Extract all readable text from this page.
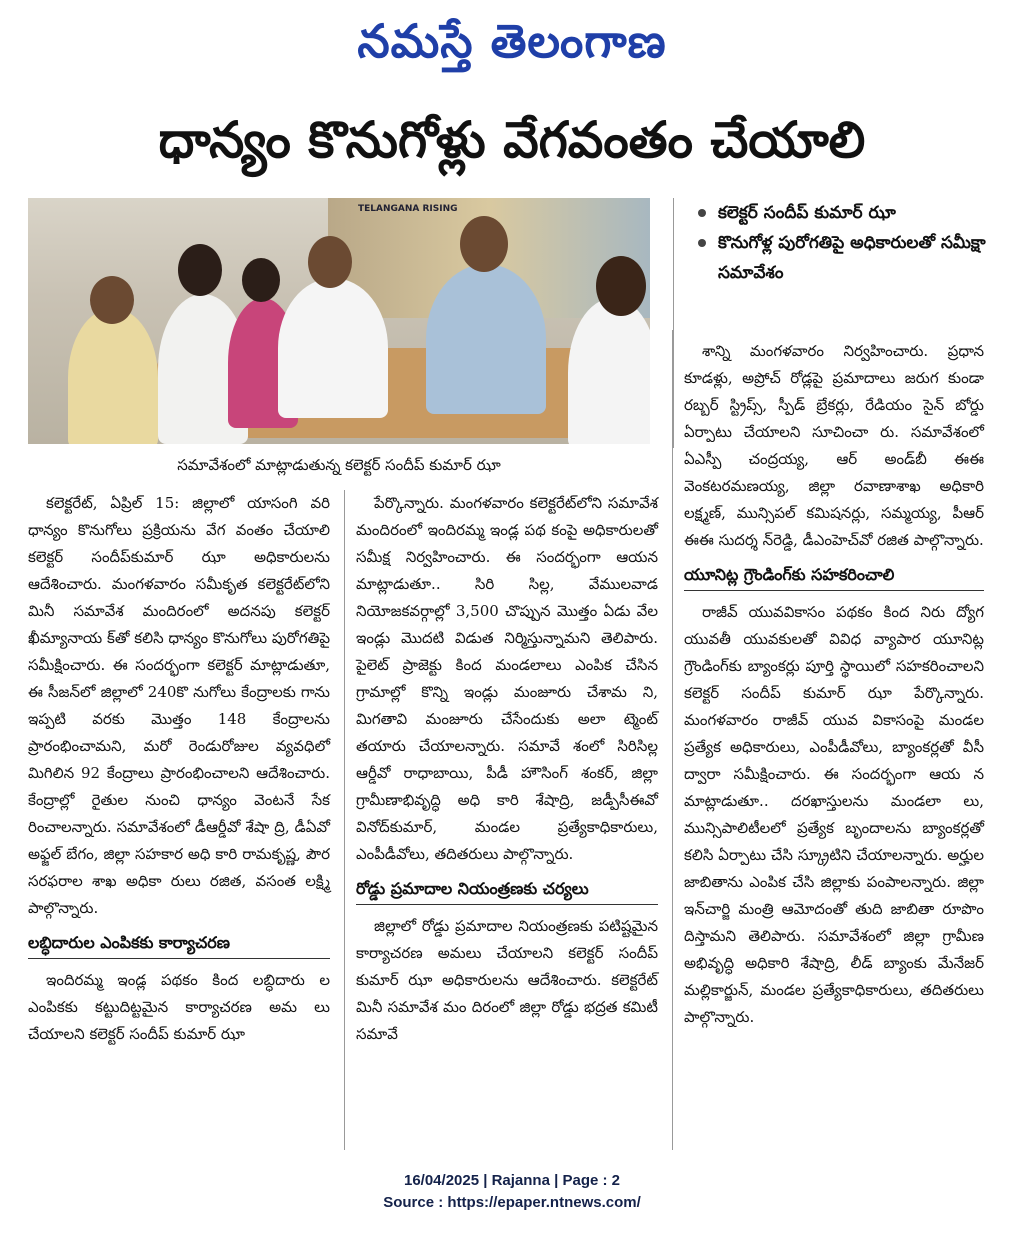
నమస్తే తెలంగాణ
ధాన్యం కొనుగోళ్లు వేగవంతం చేయాలి
TELANGANA RISING
సమావేశంలో మాట్లాడుతున్న కలెక్టర్ సందీప్ కుమార్ ఝా
కలెక్టర్ సందీప్ కుమార్ ఝా
కొనుగోళ్ల పురోగతిపై అధికారులతో సమీక్షా సమావేశం

కలెక్టరేట్, ఏప్రిల్ 15: జిల్లాలో యాసంగి వరి ధాన్యం కొనుగోలు ప్రక్రియను వేగ వంతం చేయాలి కలెక్టర్ సందీప్‌కుమార్ ఝా అధికారులను ఆదేశించారు. మంగళవారం సమీకృత కలెక్టరేట్‌లోని మినీ సమావేశ మందిరంలో అదనపు కలెక్టర్ ఖీమ్యానాయ క్‌తో కలిసి ధాన్యం కొనుగోలు పురోగతిపై సమీక్షించారు. ఈ సందర్భంగా కలెక్టర్ మాట్లాడుతూ, ఈ సీజన్‌లో జిల్లాలో 240కొ నుగోలు కేంద్రాలకు గాను ఇప్పటి వరకు మొత్తం 148 కేంద్రాలను ప్రారంభించామని, మరో రెండురోజుల వ్యవధిలో మిగిలిన 92 కేంద్రాలు ప్రారంభించాలని ఆదేశించారు. కేంద్రాల్లో రైతుల నుంచి ధాన్యం వెంటనే సేక రించాలన్నారు. సమావేశంలో డీఆర్డీవో శేషా ద్రి, డీఏవో అఫ్జల్ బేగం, జిల్లా సహకార అధి కారి రామకృష్ణ, పౌర సరఫరాల శాఖ అధికా రులు రజిత, వసంత లక్ష్మి పాల్గొన్నారు.

లబ్ధిదారుల ఎంపికకు కార్యాచరణ

ఇందిరమ్మ ఇండ్ల పథకం కింద లబ్ధిదారు ల ఎంపికకు కట్టుదిట్టమైన కార్యాచరణ అమ లు చేయాలని కలెక్టర్ సందీప్ కుమార్ ఝా

పేర్కొన్నారు. మంగళవారం కలెక్టరేట్‌లోని సమావేశ మందిరంలో ఇందిరమ్మ ఇండ్ల పథ కంపై అధికారులతో సమీక్ష నిర్వహించారు. ఈ సందర్భంగా ఆయన మాట్లాడుతూ.. సిరి సిల్ల, వేములవాడ నియోజకవర్గాల్లో 3,500 చొప్పున మొత్తం ఏడు వేల ఇండ్లు మొదటి విడుత నిర్మిస్తున్నామని తెలిపారు. పైలెట్ ప్రాజెక్టు కింద మండలాలు ఎంపిక చేసిన గ్రామాల్లో కొన్ని ఇండ్లు మంజూరు చేశామ ని, మిగతావి మంజూరు చేసేందుకు అలా ట్మెంట్ తయారు చేయాలన్నారు. సమావే శంలో సిరిసిల్ల ఆర్డీవో రాధాబాయి, పీడీ హౌసింగ్ శంకర్, జిల్లా గ్రామీణాభివృద్ధి అధి కారి శేషాద్రి, జడ్పీసీఈవో వినోద్‌కుమార్, మండల ప్రత్యేకాధికారులు, ఎంపీడీవోలు, తదితరులు పాల్గొన్నారు.

రోడ్డు ప్రమాదాల నియంత్రణకు చర్యలు

జిల్లాలో రోడ్డు ప్రమాదాల నియంత్రణకు పటిష్టమైన కార్యాచరణ అమలు చేయాలని కలెక్టర్ సందీప్ కుమార్ ఝా అధికారులను ఆదేశించారు. కలెక్టరేట్ మినీ సమావేశ మం దిరంలో జిల్లా రోడ్డు భద్రత కమిటీ సమావే

శాన్ని మంగళవారం నిర్వహించారు. ప్రధాన కూడళ్లు, అప్రోచ్ రోడ్లపై ప్రమాదాలు జరుగ కుండా రబ్బర్ స్ట్రిప్స్, స్పీడ్ బ్రేకర్లు, రేడియం సైన్ బోర్డు ఏర్పాటు చేయాలని సూచించా రు. సమావేశంలో ఏఎస్పీ చంద్రయ్య, ఆర్ అండ్‌బీ ఈఈ వెంకటరమణయ్య, జిల్లా రవాణాశాఖ అధికారి లక్ష్మణ్, మున్సిపల్ కమిషనర్లు, సమ్మయ్య, పీఆర్ ఈఈ సుదర్శ న్‌రెడ్డి, డీఎంహెచ్‌వో రజిత పాల్గొన్నారు.

యూనిట్ల గ్రౌండింగ్‌కు సహకరించాలి

రాజీవ్ యువవికాసం పథకం కింద నిరు ద్యోగ యువతీ యువకులతో వివిధ వ్యాపార యూనిట్ల గ్రౌండింగ్‌కు బ్యాంకర్లు పూర్తి స్థాయిలో సహకరించాలని కలెక్టర్ సందీప్ కుమార్ ఝా పేర్కొన్నారు. మంగళవారం రాజీవ్ యువ వికాసంపై మండల ప్రత్యేక అధికారులు, ఎంపీడీవోలు, బ్యాంకర్లతో వీసీ ద్వారా సమీక్షించారు. ఈ సందర్భంగా ఆయ న మాట్లాడుతూ.. దరఖాస్తులను మండలా లు, మున్సిపాలిటీలలో ప్రత్యేక బృందాలను బ్యాంకర్లతో కలిసి ఏర్పాటు చేసి స్క్రూటిని చేయాలన్నారు. అర్హుల జాబితాను ఎంపిక చేసి జిల్లాకు పంపాలన్నారు. జిల్లా ఇన్‌చార్జి మంత్రి ఆమోదంతో తుది జాబితా రూపొం దిస్తామని తెలిపారు. సమావేశంలో జిల్లా గ్రామీణ అభివృద్ధి అధికారి శేషాద్రి, లీడ్ బ్యాంకు మేనేజర్ మల్లికార్జున్, మండల ప్రత్యేకాధికారులు, తదితరులు పాల్గొన్నారు.

16/04/2025 | Rajanna | Page : 2
Source : https://epaper.ntnews.com/
